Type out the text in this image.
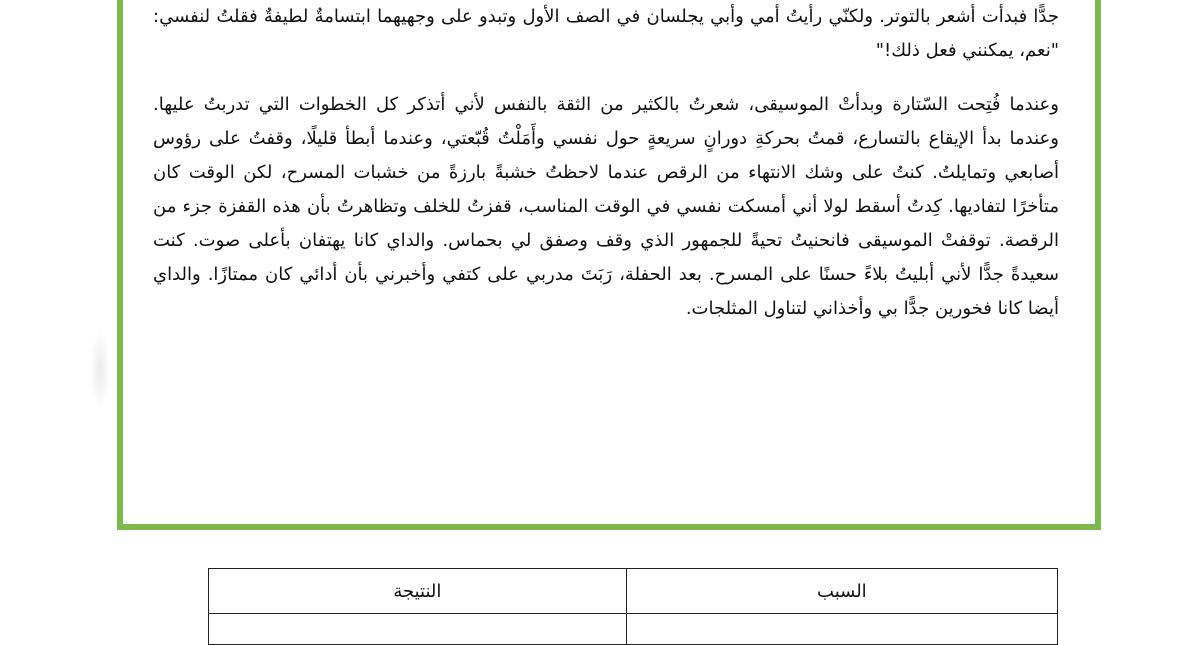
جدًّا فبدأت أشعر بالتوتر. ولكنّي رأيتُ أمي وأبي يجلسان في الصف الأول وتبدو على وجهيهما ابتسامةٌ لطيفةٌ فقلتُ لنفسي: "نعم، يمكنني فعل ذلك!"

وعندما فُتِحت السّتارة وبدأتْ الموسيقى، شعرتُ بالكثير من الثقة بالنفس لأني أتذكر كل الخطوات التي تدربتُ عليها. وعندما بدأ الإيقاع بالتسارع، قمتُ بحركةِ دورانٍ سريعةٍ حول نفسي وأَمَلْتُ قُبّعتي، وعندما أبطأ قليلًا، وقفتُ على رؤوس أصابعي وتمايلتُ. كنتُ على وشك الانتهاء من الرقص عندما لاحظتُ خشبةً بارزةً من خشبات المسرح، لكن الوقت كان متأخرًا لتفاديها. كِدتُ أسقط لولا أني أمسكت نفسي في الوقت المناسب، قفزتُ للخلف وتظاهرتُ بأن هذه القفزة جزء من الرقصة. توقفتْ الموسيقى فانحنيتُ تحيةً للجمهور الذي وقف وصفق لي بحماس. والداي كانا يهتفان بأعلى صوت. كنت سعيدةً جدًّا لأني أبليتُ بلاءً حسنًا على المسرح. بعد الحفلة، رَبَتَ مدربي على كتفي وأخبرني بأن أدائي كان ممتازًا. والداي أيضا كانا فخورين جدًّا بي وأخذاني لتناول المثلجات.

السبب	النتيجة
